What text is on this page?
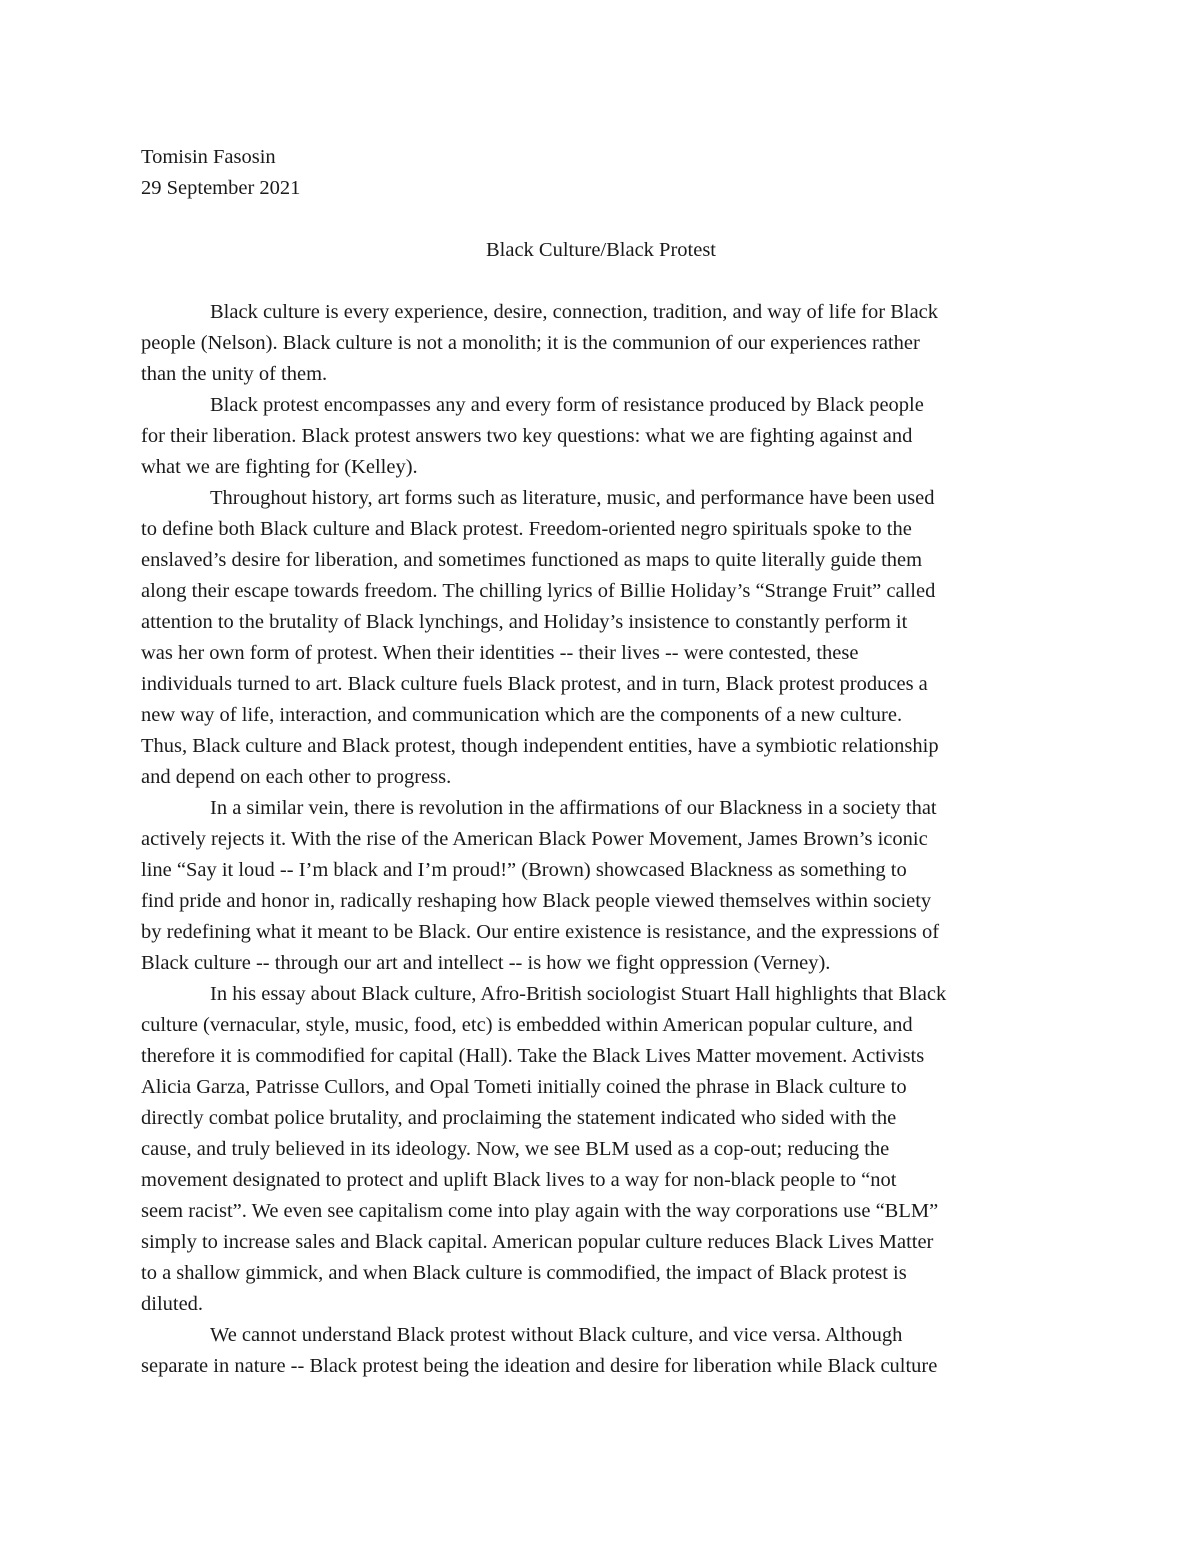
Tomisin Fasosin
29 September 2021
Black Culture/Black Protest
Black culture is every experience, desire, connection, tradition, and way of life for Black
people (Nelson). Black culture is not a monolith; it is the communion of our experiences rather
than the unity of them.
Black protest encompasses any and every form of resistance produced by Black people
for their liberation. Black protest answers two key questions: what we are fighting against and
what we are fighting for (Kelley).
Throughout history, art forms such as literature, music, and performance have been used
to define both Black culture and Black protest. Freedom-oriented negro spirituals spoke to the
enslaved’s desire for liberation, and sometimes functioned as maps to quite literally guide them
along their escape towards freedom. The chilling lyrics of Billie Holiday’s “Strange Fruit” called
attention to the brutality of Black lynchings, and Holiday’s insistence to constantly perform it
was her own form of protest. When their identities -- their lives -- were contested, these
individuals turned to art. Black culture fuels Black protest, and in turn, Black protest produces a
new way of life, interaction, and communication which are the components of a new culture.
Thus, Black culture and Black protest, though independent entities, have a symbiotic relationship
and depend on each other to progress.
In a similar vein, there is revolution in the affirmations of our Blackness in a society that
actively rejects it. With the rise of the American Black Power Movement, James Brown’s iconic
line “Say it loud -- I’m black and I’m proud!” (Brown) showcased Blackness as something to
find pride and honor in, radically reshaping how Black people viewed themselves within society
by redefining what it meant to be Black. Our entire existence is resistance, and the expressions of
Black culture -- through our art and intellect -- is how we fight oppression (Verney).
In his essay about Black culture, Afro-British sociologist Stuart Hall highlights that Black
culture (vernacular, style, music, food, etc) is embedded within American popular culture, and
therefore it is commodified for capital (Hall). Take the Black Lives Matter movement. Activists
Alicia Garza, Patrisse Cullors, and Opal Tometi initially coined the phrase in Black culture to
directly combat police brutality, and proclaiming the statement indicated who sided with the
cause, and truly believed in its ideology. Now, we see BLM used as a cop-out; reducing the
movement designated to protect and uplift Black lives to a way for non-black people to “not
seem racist”. We even see capitalism come into play again with the way corporations use “BLM”
simply to increase sales and Black capital. American popular culture reduces Black Lives Matter
to a shallow gimmick, and when Black culture is commodified, the impact of Black protest is
diluted.
We cannot understand Black protest without Black culture, and vice versa. Although
separate in nature -- Black protest being the ideation and desire for liberation while Black culture
